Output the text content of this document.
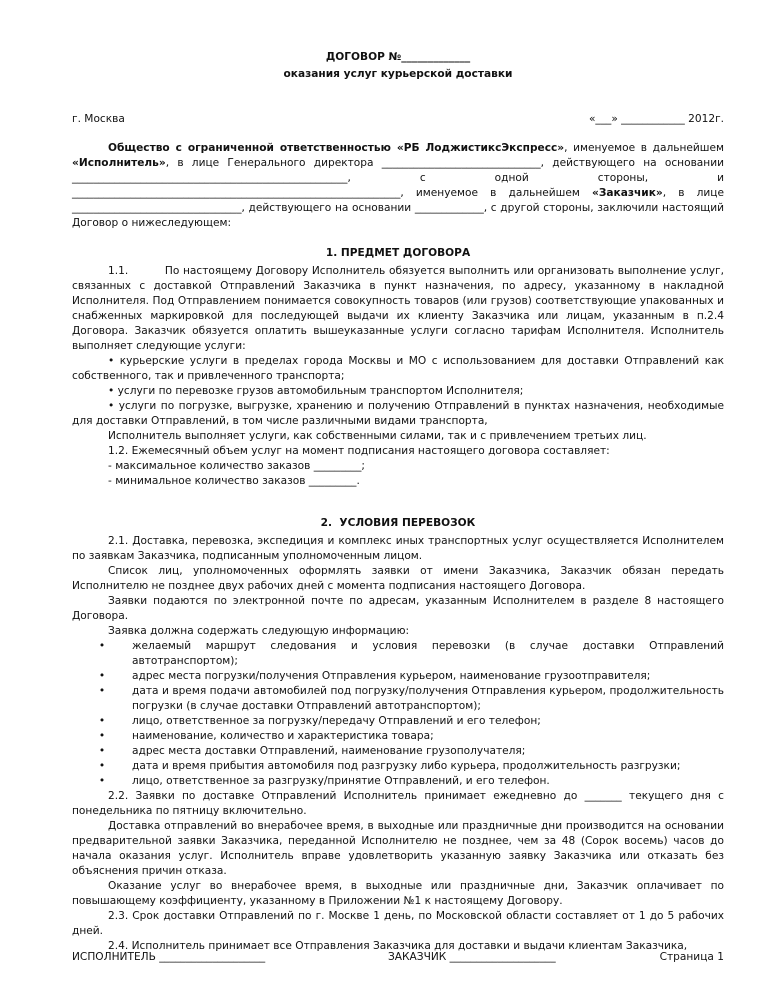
ДОГОВОР №_____________
оказания услуг курьерской доставки
г. Москва	«___» ____________ 2012г.
Общество с ограниченной ответственностью «РБ ЛоджистиксЭкспресс», именуемое в дальнейшем «Исполнитель», в лице Генерального директора ______________________________, действующего на основании ____________________________________________________, с одной стороны, и ______________________________________________________________, именуемое в дальнейшем «Заказчик», в лице ________________________________, действующего на основании _____________, с другой стороны, заключили настоящий Договор о нижеследующем:
1. ПРЕДМЕТ ДОГОВОРА

1.1.          По настоящему Договору Исполнитель обязуется выполнить или организовать выполнение услуг, связанных с доставкой Отправлений Заказчика в пункт назначения, по адресу, указанному в накладной Исполнителя. Под Отправлением понимается совокупность товаров (или грузов) соответствующие упакованных и снабженных маркировкой для последующей выдачи их клиенту Заказчика или лицам, указанным в п.2.4 Договора. Заказчик обязуется оплатить вышеуказанные услуги согласно тарифам Исполнителя. Исполнитель выполняет следующие услуги:

• курьерские услуги в пределах города Москвы и МО с использованием для доставки Отправлений как собственного, так и привлеченного транспорта;

• услуги по перевозке грузов автомобильным транспортом Исполнителя;

• услуги по погрузке, выгрузке, хранению и получению Отправлений в пунктах назначения, необходимые для доставки Отправлений, в том числе различными видами транспорта,

Исполнитель выполняет услуги, как собственными силами, так и с привлечением третьих лиц.

1.2. Ежемесячный объем услуг на момент подписания настоящего договора составляет:

- максимальное количество заказов _________;

- минимальное количество заказов _________.

2.  УСЛОВИЯ ПЕРЕВОЗОК

2.1. Доставка, перевозка, экспедиция и комплекс иных транспортных услуг осуществляется Исполнителем по заявкам Заказчика, подписанным уполномоченным лицом.

Список лиц, уполномоченных оформлять заявки от имени Заказчика, Заказчик обязан передать Исполнителю не позднее двух рабочих дней с момента подписания настоящего Договора.

Заявки подаются по электронной почте по адресам, указанным Исполнителем в разделе 8 настоящего Договора.

Заявка должна содержать следующую информацию:

•	желаемый маршрут следования и условия перевозки (в случае доставки Отправлений автотранспортом);
•	адрес места погрузки/получения Отправления курьером, наименование грузоотправителя;
•	дата и время подачи автомобилей под погрузку/получения Отправления курьером, продолжительность погрузки (в случае доставки Отправлений автотранспортом);
•	лицо, ответственное за погрузку/передачу Отправлений и его телефон;
•	наименование, количество и характеристика товара;
•	адрес места доставки Отправлений, наименование грузополучателя;
•	дата и время прибытия автомобиля под разгрузку либо курьера, продолжительность разгрузки;
•	лицо, ответственное за разгрузку/принятие Отправлений, и его телефон.

2.2. Заявки по доставке Отправлений Исполнитель принимает ежедневно до _______ текущего дня с понедельника по пятницу включительно.

Доставка отправлений во внерабочее время, в выходные или праздничные дни производится на основании предварительной заявки Заказчика, переданной Исполнителю не позднее, чем за 48 (Сорок восемь) часов до начала оказания услуг. Исполнитель вправе удовлетворить указанную заявку Заказчика или отказать без объяснения причин отказа.

Оказание услуг во внерабочее время, в выходные или праздничные дни, Заказчик оплачивает по повышающему коэффициенту, указанному в Приложении №1 к настоящему Договору.

2.3. Срок доставки Отправлений по г. Москве 1 день, по Московской области составляет от 1 до 5 рабочих дней.

2.4. Исполнитель принимает все Отправления Заказчика для доставки и выдачи клиентам Заказчика,

ИСПОЛНИТЕЛЬ ____________________	ЗАКАЗЧИК ____________________	Страница 1
